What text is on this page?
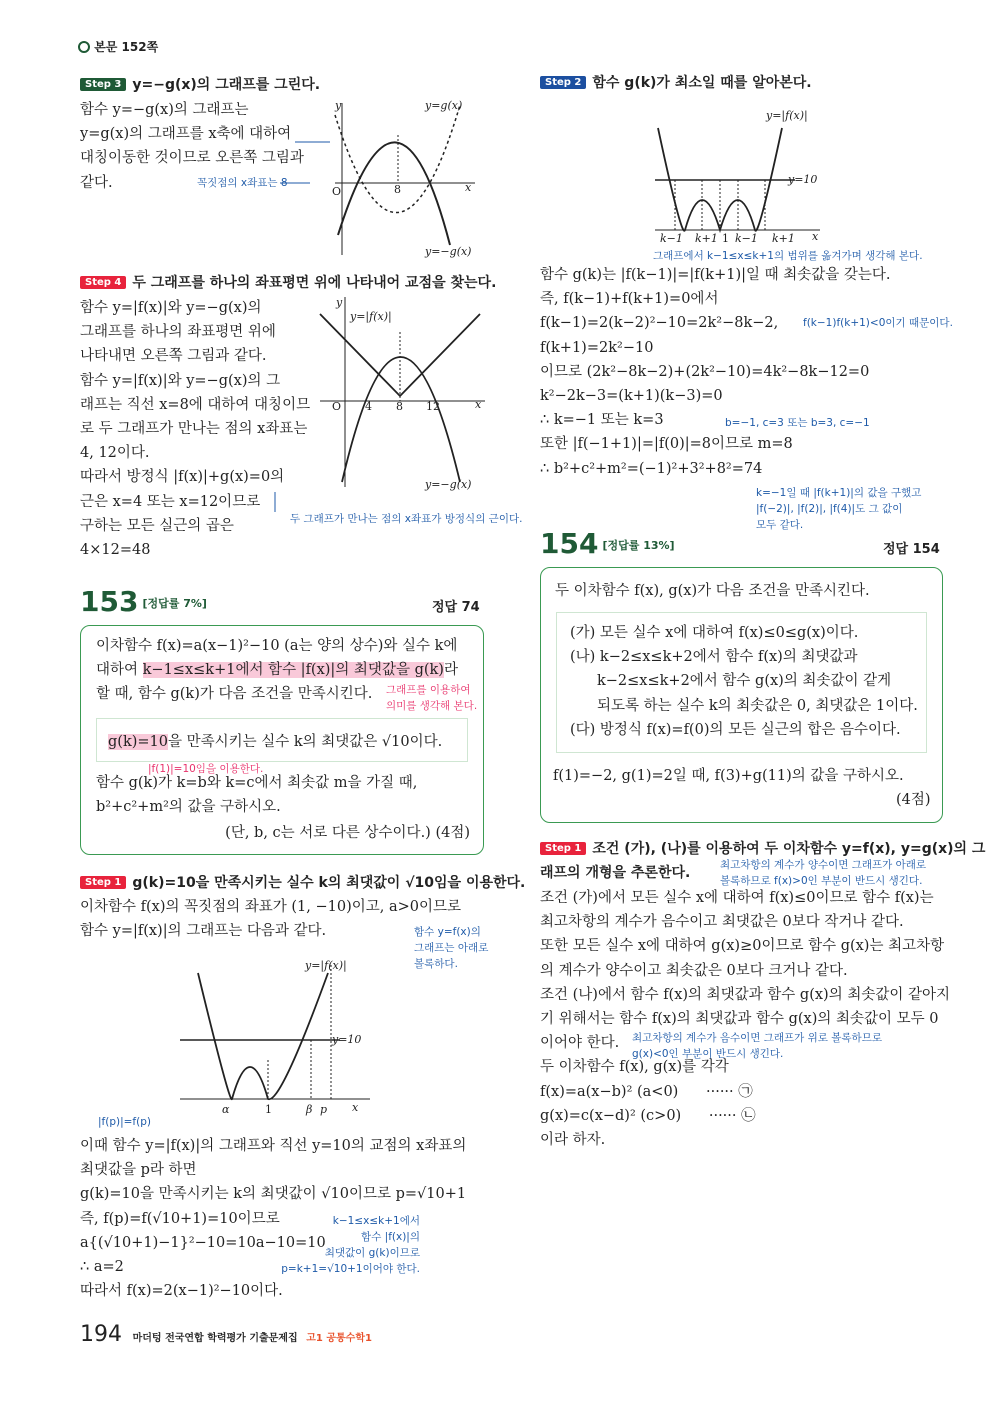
본문 152쪽
Step 3 y=−g(x)의 그래프를 그린다.
함수 y=−g(x)의 그래프는
y=g(x)의 그래프를 x축에 대하여
대칭이동한 것이므로 오른쪽 그림과
같다.	꼭짓점의 x좌표는 8
y	y=g(x)
O	8	x
y=−g(x)
Step 4 두 그래프를 하나의 좌표평면 위에 나타내어 교점을 찾는다.
함수 y=|f(x)|와 y=−g(x)의
그래프를 하나의 좌표평면 위에
나타내면 오른쪽 그림과 같다.
함수 y=|f(x)|와 y=−g(x)의 그
래프는 직선 x=8에 대하여 대칭이므
로 두 그래프가 만나는 점의 x좌표는
4, 12이다.
따라서 방정식 |f(x)|+g(x)=0의
근은 x=4 또는 x=12이므로
구하는 모든 실근의 곱은
4×12=48
두 그래프가 만나는 점의 x좌표가 방정식의 근이다.
y
y=|f(x)|
O 4 8 12	x
y=−g(x)
153 [정답률 7%]	정답 74
이차함수 f(x)=a(x−1)²−10 (a는 양의 상수)와 실수 k에
대하여 k−1≤x≤k+1에서 함수 |f(x)|의 최댓값을 g(k)라
할 때, 함수 g(k)가 다음 조건을 만족시킨다.	그래프를 이용하여
의미를 생각해 본다.
g(k)=10을 만족시키는 실수 k의 최댓값은 √10이다.
|f(1)|=10임을 이용한다.
함수 g(k)가 k=b와 k=c에서 최솟값 m을 가질 때,
b²+c²+m²의 값을 구하시오.
(단, b, c는 서로 다른 상수이다.) (4점)
Step 1 g(k)=10을 만족시키는 실수 k의 최댓값이 √10임을 이용한다.
이차함수 f(x)의 꼭짓점의 좌표가 (1, −10)이고, a>0이므로
함수 y=|f(x)|의 그래프는 다음과 같다.	함수 y=f(x)의
그래프는 아래로
볼록하다.
y=|f(x)|
y=10
α	1	β p x
|f(p)|=f(p)
이때 함수 y=|f(x)|의 그래프와 직선 y=10의 교점의 x좌표의
최댓값을 p라 하면
g(k)=10을 만족시키는 k의 최댓값이 √10이므로 p=√10+1
즉, f(p)=f(√10+1)=10이므로
a{(√10+1)−1}²−10=10a−10=10
∴ a=2
따라서 f(x)=2(x−1)²−10이다.
k−1≤x≤k+1에서
함수 |f(x)|의
최댓값이 g(k)이므로
p=k+1=√10+1이어야 한다.
194 마더텅 전국연합 학력평가 기출문제집 고1 공통수학1
Step 2 함수 g(k)가 최소일 때를 알아본다.
y=|f(x)|
y=10
k−1 k+1 1 k−1 k+1 x
그래프에서 k−1≤x≤k+1의 범위를 옮겨가며 생각해 본다.
함수 g(k)는 |f(k−1)|=|f(k+1)|일 때 최솟값을 갖는다.
즉, f(k−1)+f(k+1)=0에서
f(k−1)=2(k−2)²−10=2k²−8k−2,
f(k+1)=2k²−10
이므로 (2k²−8k−2)+(2k²−10)=4k²−8k−12=0
k²−2k−3=(k+1)(k−3)=0
∴ k=−1 또는 k=3
또한 |f(−1+1)|=|f(0)|=8이므로 m=8
∴ b²+c²+m²=(−1)²+3²+8²=74
f(k−1)f(k+1)<0이기 때문이다.
b=−1, c=3 또는 b=3, c=−1
k=−1일 때 |f(k+1)|의 값을 구했고
|f(−2)|, |f(2)|, |f(4)|도 그 값이
모두 같다.
154 [정답률 13%]	정답 154
두 이차함수 f(x), g(x)가 다음 조건을 만족시킨다.
(가) 모든 실수 x에 대하여 f(x)≤0≤g(x)이다.
(나) k−2≤x≤k+2에서 함수 f(x)의 최댓값과
k−2≤x≤k+2에서 함수 g(x)의 최솟값이 같게
되도록 하는 실수 k의 최솟값은 0, 최댓값은 1이다.
(다) 방정식 f(x)=f(0)의 모든 실근의 합은 음수이다.
f(1)=−2, g(1)=2일 때, f(3)+g(11)의 값을 구하시오.
(4점)
Step 1 조건 (가), (나)를 이용하여 두 이차함수 y=f(x), y=g(x)의 그
래프의 개형을 추론한다.	최고차항의 계수가 양수이면 그래프가 아래로
볼록하므로 f(x)>0인 부분이 반드시 생긴다.
조건 (가)에서 모든 실수 x에 대하여 f(x)≤0이므로 함수 f(x)는
최고차항의 계수가 음수이고 최댓값은 0보다 작거나 같다.
또한 모든 실수 x에 대하여 g(x)≥0이므로 함수 g(x)는 최고차항
의 계수가 양수이고 최솟값은 0보다 크거나 같다.
조건 (나)에서 함수 f(x)의 최댓값과 함수 g(x)의 최솟값이 같아지
기 위해서는 함수 f(x)의 최댓값과 함수 g(x)의 최솟값이 모두 0
이어야 한다.
두 이차함수 f(x), g(x)를 각각
f(x)=a(x−b)² (a<0)      ······ ㉠
g(x)=c(x−d)² (c>0)      ······ ㉡
이라 하자.
최고차항의 계수가 음수이면 그래프가 위로 볼록하므로
g(x)<0인 부분이 반드시 생긴다.
